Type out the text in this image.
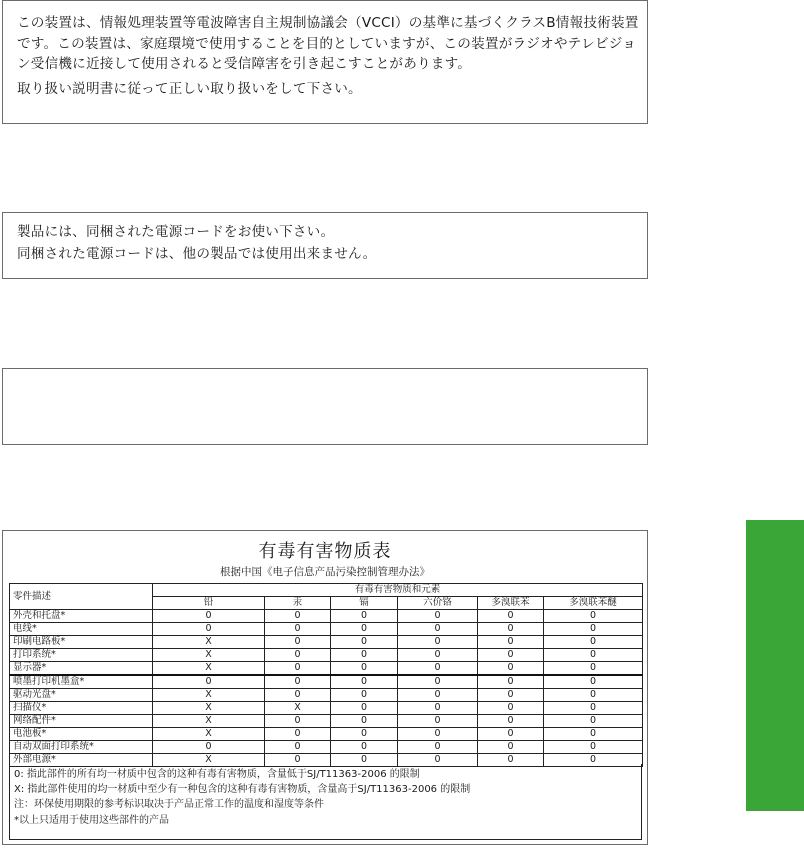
この装置は、情報処理装置等電波障害自主規制協議会（VCCI）の基準に基づくクラスB情報技術装置です。この装置は、家庭環境で使用することを目的としていますが、この装置がラジオやテレビジョン受信機に近接して使用されると受信障害を引き起こすことがあります。
取り扱い説明書に従って正しい取り扱いをして下さい。
製品には、同梱された電源コードをお使い下さい。
同梱された電源コードは、他の製品では使用出来ません。
有毒有害物质表
根据中国《电子信息产品污染控制管理办法》
零件描述	有毒有害物质和元素					
	铅	汞	镉	六价铬	多溴联苯	多溴联苯醚
外壳和托盘*	0	0	0	0	0	0
电线*	0	0	0	0	0	0
印刷电路板*	X	0	0	0	0	0
打印系统*	X	0	0	0	0	0
显示器*	X	0	0	0	0	0
喷墨打印机墨盒*	0	0	0	0	0	0
驱动光盘*	X	0	0	0	0	0
扫描仪*	X	X	0	0	0	0
网络配件*	X	0	0	0	0	0
电池板*	X	0	0	0	0	0
自动双面打印系统*	0	0	0	0	0	0
外部电源*	X	0	0	0	0	0
0: 指此部件的所有均一材质中包含的这种有毒有害物质，含量低于SJ/T11363-2006 的限制
X: 指此部件使用的均一材质中至少有一种包含的这种有毒有害物质，含量高于SJ/T11363-2006 的限制
注：环保使用期限的参考标识取决于产品正常工作的温度和湿度等条件
*以上只适用于使用这些部件的产品
